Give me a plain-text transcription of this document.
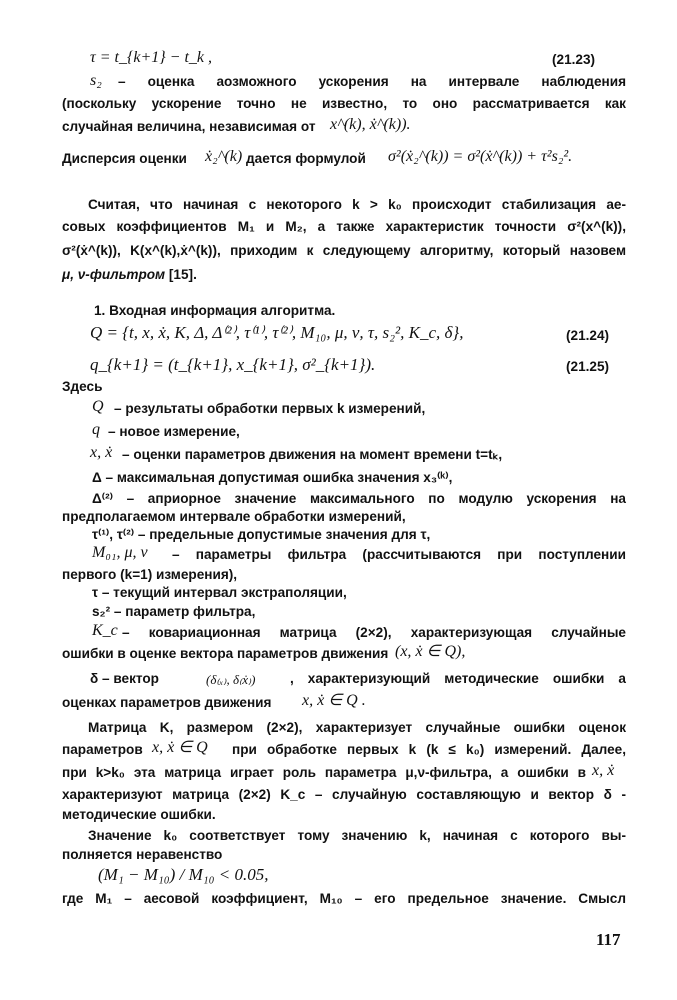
τ = t_{k+1} − t_k ,	(21.23)
s₂ – оценка аозможного ускорения на интервале наблюдения
(поскольку ускорение точно не известно, то оно рассматривается как
случайная величина, независимая от x^(k), ẋ^(k)).
Дисперсия оценки ẋ₂^(k) дается формулой σ²(ẋ₂^(k)) = σ²(ẋ^(k)) + τ²s₂².
Считая, что начиная с некоторого k > k₀ происходит стабилизация ае-
совых коэффициентов M₁ и M₂, а также характеристик точности σ²(x^(k)),
σ²(ẋ^(k)), K(x^(k),ẋ^(k)), приходим к следующему алгоритму, который назовем
μ, ν-фильтром [15].
1. Входная информация алгоритма.
Q = {t, x, ẋ, K, Δ, Δ⁽²⁾, τ⁽¹⁾, τ⁽²⁾, M₁₀, μ, ν, τ, s₂², K_c, δ},	(21.24)
q_{k+1} = (t_{k+1}, x_{k+1}, σ²_{k+1}).	(21.25)
Здесь
Q – результаты обработки первых k измерений,
q – новое измерение,
x, ẋ – оценки параметров движения на момент времени t=tₖ,
Δ – максимальная допустимая ошибка значения x₃⁽ᵏ⁾,
Δ⁽²⁾ – априорное значение максимального по модулю ускорения на
предполагаемом интервале обработки измерений,
τ⁽¹⁾, τ⁽²⁾ – предельные допустимые значения для τ,
M₀₁, μ, ν – параметры фильтра (рассчитываются при поступлении
первого (k=1) измерения),
τ – текущий интервал экстраполяции,
s₂² – параметр фильтра,
K_c – ковариационная матрица (2×2), характеризующая случайные
ошибки в оценке вектора параметров движения (x, ẋ ∈ Q),
δ – вектор	(δ₍ₓ₎, δ₍ẋ₎)	, характеризующий методические ошибки а
оценках параметров движения x, ẋ ∈ Q .
Матрица K, размером (2×2), характеризует случайные ошибки оценок
параметров x, ẋ ∈ Q при обработке первых k (k ≤ k₀) измерений. Далее,
при k>k₀ эта матрица играет роль параметра μ,ν-фильтра, а ошибки в x, ẋ
характеризуют матрица (2×2) K_c – случайную составляющую и вектор δ -
методические ошибки.
Значение k₀ соответствует тому значению k, начиная с которого вы-
полняется неравенство
(M₁ − M₁₀) / M₁₀ < 0.05,
где M₁ – аесовой коэффициент, M₁₀ – его предельное значение. Смысл
117
